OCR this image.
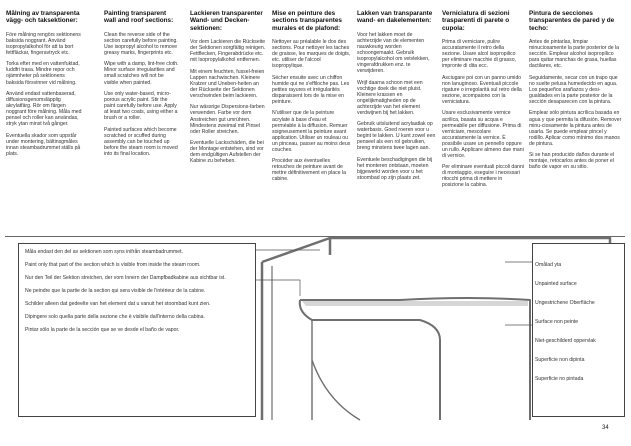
Målning av transparenta vägg- och taksektioner:

Före målning rengörs sektionens baksida noggrant. Använd isopropylalkohol för att ta bort fettfläckar, fingeravtryck etc.

Torka efter med en vattenfuktad, luddfri trasa. Mindre repor och ojämnheter på sektionens baksida försvinner vid målning.

Använd endast vattenbaserad, diffusionsgenomsläpplig akrylatfärg. Rör om färgen noggrant före målning. Måla med pensel och roller kan användas, stryk ytan minst två gånger.

Eventuella skador som uppstår under montering, bältinsgmåles innan steambadrummet ställs på plats.

Painting transparent wall and roof sections:

Clean the reverse side of the section carefully before painting. Use isopropyl alcohol to remove greasy marks, fingerprints etc.

Wipe with a damp, lint-free cloth. Minor surface irregularities and small scratches will not be visible when painted.

Use only water-based, micro-porous acrylic paint. Stir the paint carefully before use. Apply at least two coats, using either a brush or a roller.

Painted surfaces which become scratched or scuffed during assembly can be touched up before the steam room is moved into its final location.

Lackieren transparenter Wand- und Decken-sektionen:

Vor dem Lackieren die Rückseite der Sektionen sorgfältig reinigen. Fettflecken, Fingerabdrücke etc. mit Isopropylalkohol entfernen.

Mit einem feuchten, fussel-freien Lappen nachwischen. Kleinere Kratzer und Uneben-heiten an der Rückseite der Sektionen verschwinden beim lackieren.

Nur wässrige Dispersions-farben verwenden. Farbe vor dem Anstreichen gut umrühren. Mindestens zweimal mit Pinsel oder Roller streichen.

Eventuelle Lackschäden, die bei der Montage entstehen, sind vor dem endgültigen Aufstellen der Kabine zu beheben.

Mise en peinture des sections transparentes murales et de plafond:

Nettoyer au préalable le dos des sections. Pour nettoyer les taches de graisse, les marques de doigts, etc. utiliser de l'alcool isopropylique.

Sécher ensuite avec un chiffon humide qui ne s'effiloche pas. Les petites rayures et irrégularités disparaissent lors de la mise en peinture.

N'utiliser que de la peinture acrylate à base d'eau et perméable à la diffusion. Remuer soigneusement la peinture avant application. Utiliser un rouleau ou un pinceau, passer au moins deux couches.

Procéder aux éventuelles retouches de peinture avant de mettre définitivement en place la cabine.

Lakken van transparante wand- en dakelementen:

Voor het lakken moet de achterzijde van de elementen nauwkeurig worden schoongemaakt. Gebruik isopropylalcohol om vetvlekken, vingerafdrukken enz. te verwijderen.

Wrijf daarna schoon met een vochtige doek die niet pluist. Kleinere krassen en ongelijkmatigheden op de achterzijde van het element verdwijnen bij het lakken.

Gebruik uitsluitend acrylaatlak op waterbasis. Goed roeren voor u begint te lakken. U kunt zowel een penseel als een rol gebruiken, breng minstens twee lagen aan.

Eventuele beschadigingen die bij het monteren ontstaan, moeten bijgewerkt worden voor u het stoombad op zijn plaats zet.

Verniciatura di sezioni trasparenti di parete o cupola:

Prima di verniciare, pulire accuratamente il retro della sezione. Usare alcol isopropilico per eliminare macchie di grasso, impronte di dita ecc.

Asciugare poi con un panno umido non lanuginoso. Eventuali piccole rigature o irregolarità sul retro della sezione, scompaiono con la verniciatura.

Usare esclusivamente vernice acrilica, basata su acqua e permeabile per diffusione. Prima di verniciare, mescolare accuratamente la vernice. È possibile usare un pennello oppure un rullo. Applicare almeno due mani di vernice.

Per eliminare eventuali piccoli danni di montaggio, eseguire i necessari ritocchi prima di mettere in posizione la cabina.

Pintura de secciones transparentes de pared y de techo:

Antes de pintarlas, limpiar minuciosamente la parte posterior de la sección. Emplear alcohol isopropílico para quitar manchas de grasa, huellas dactilares, etc.

Seguidamente, secar con un trapo que no suelte pelusa humedecido en agua. Los pequeños arañazos y desi-gualdades en la parte posterior de la sección desaparecen con la pintura.

Emplear sólo pintura acrílica basada en agua y que permita la difusión. Remover minu-ciosamente la pintura antes de usarla. Se puede emplear pincel y rodillo. Aplicar como mínimo dos manos de pintura.

Si se han producido daños durante el montaje, retocarlos antes de poner el baño de vapor en su sitio.

Måla endast den del av sektionen som syns inifrån steambadrummet.

Paint only that part of the section which is visible from inside the steam room.

Nur den Teil der Sektion streichen, der vom Innern der Dampfbadkabine aus sichtbar ist.

Ne peindre que la partie de la section qui sera visible de l'intérieur de la cabine.

Schilder alleen dat gedeelte van het element dat u vanuit het stoombad kunt zien.

Dipingere solo quella parte della sezione che è visibile dall'interno della cabina.

Pintar sólo la parte de la sección que se ve desde el baño de vapor.

Omålad yta
Unpainted surface
Ungestrichene Oberfläche
Surface non peinte
Niet-geschilderd oppervlak
Superficie non dipinta
Superficie no pintada
34
